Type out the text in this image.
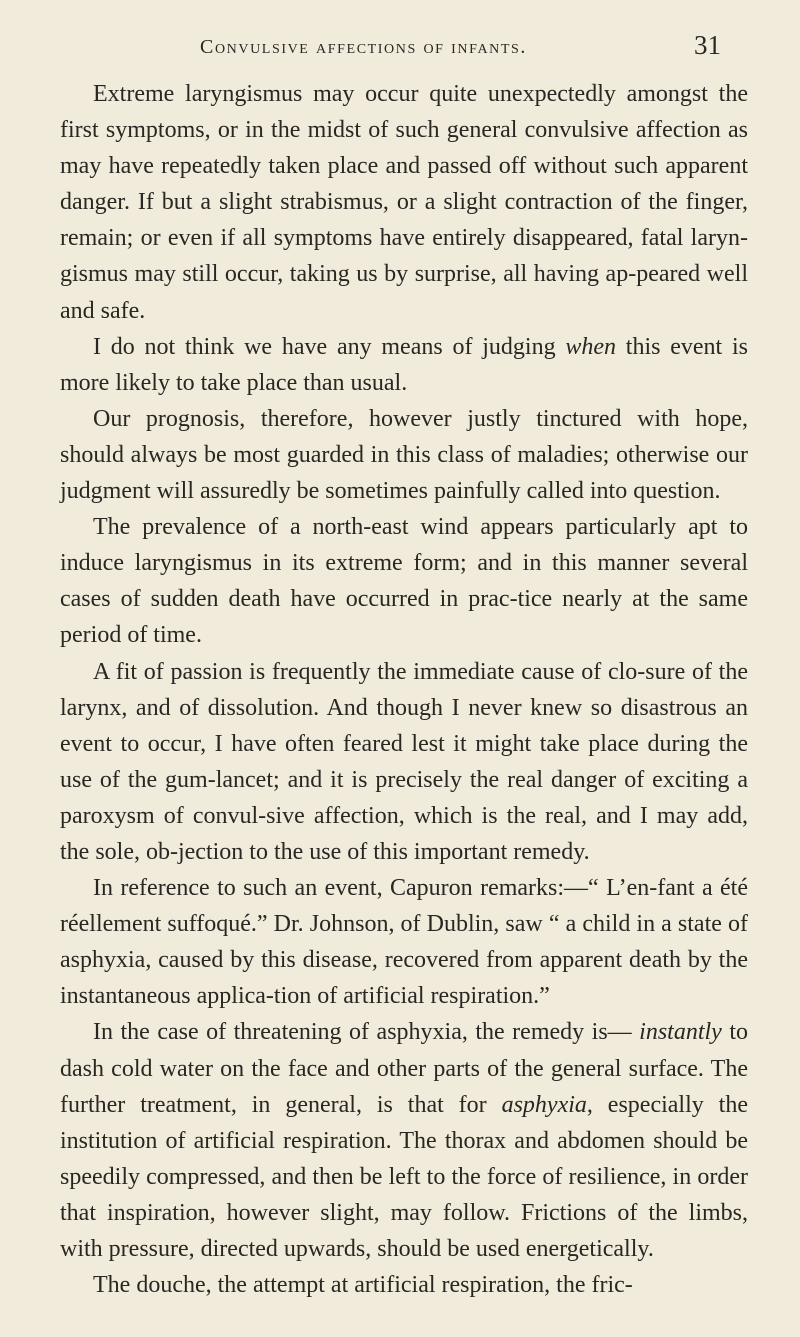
Convulsive affections of infants.	31

Extreme laryngismus may occur quite unexpectedly amongst the first symptoms, or in the midst of such general convulsive affection as may have repeatedly taken place and passed off without such apparent danger. If but a slight strabismus, or a slight contraction of the finger, remain; or even if all symptoms have entirely disappeared, fatal laryn-gismus may still occur, taking us by surprise, all having ap-peared well and safe.

I do not think we have any means of judging when this event is more likely to take place than usual.

Our prognosis, therefore, however justly tinctured with hope, should always be most guarded in this class of maladies; otherwise our judgment will assuredly be sometimes painfully called into question.

The prevalence of a north-east wind appears particularly apt to induce laryngismus in its extreme form; and in this manner several cases of sudden death have occurred in prac-tice nearly at the same period of time.

A fit of passion is frequently the immediate cause of clo-sure of the larynx, and of dissolution. And though I never knew so disastrous an event to occur, I have often feared lest it might take place during the use of the gum-lancet; and it is precisely the real danger of exciting a paroxysm of convul-sive affection, which is the real, and I may add, the sole, ob-jection to the use of this important remedy.

In reference to such an event, Capuron remarks:—“ L’en-fant a été réellement suffoqué.” Dr. Johnson, of Dublin, saw “ a child in a state of asphyxia, caused by this disease, recovered from apparent death by the instantaneous applica-tion of artificial respiration.”

In the case of threatening of asphyxia, the remedy is— instantly to dash cold water on the face and other parts of the general surface. The further treatment, in general, is that for asphyxia, especially the institution of artificial respiration. The thorax and abdomen should be speedily compressed, and then be left to the force of resilience, in order that inspiration, however slight, may follow. Frictions of the limbs, with pressure, directed upwards, should be used energetically.

The douche, the attempt at artificial respiration, the fric-
